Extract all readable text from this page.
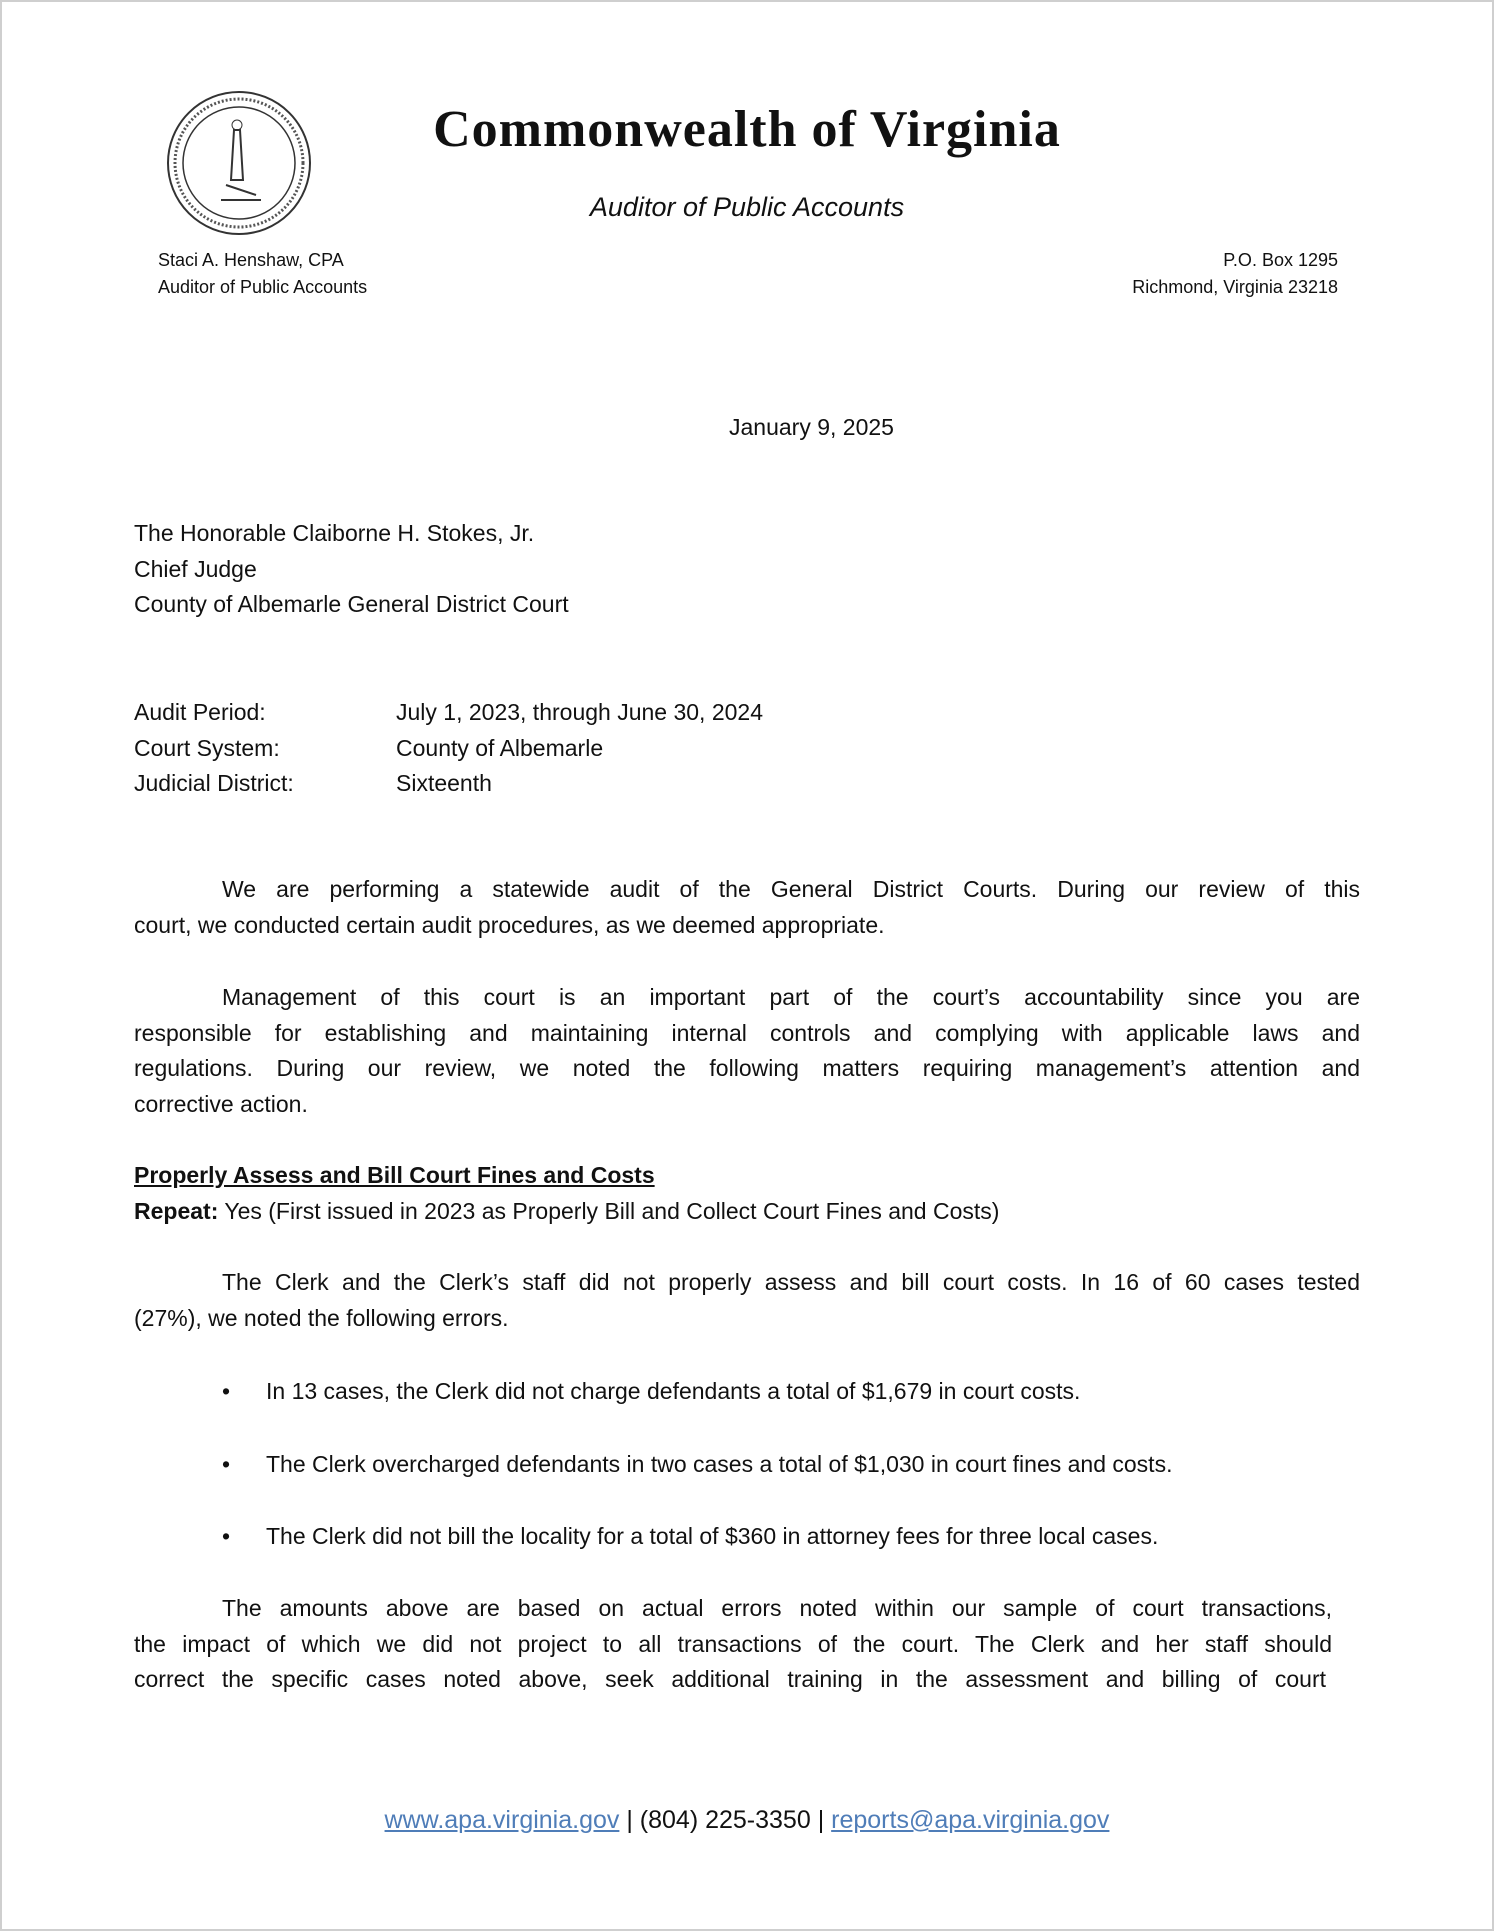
Commonwealth of Virginia
Auditor of Public Accounts
Staci A. Henshaw, CPA
Auditor of Public Accounts
P.O. Box 1295
Richmond, Virginia 23218
January 9, 2025
The Honorable Claiborne H. Stokes, Jr.
Chief Judge
County of Albemarle General District Court
Audit Period:	July 1, 2023, through June 30, 2024
Court System:	County of Albemarle
Judicial District:	Sixteenth
We are performing a statewide audit of the General District Courts. During our review of this
court, we conducted certain audit procedures, as we deemed appropriate.
Management of this court is an important part of the court’s accountability since you are
responsible for establishing and maintaining internal controls and complying with applicable laws and
regulations. During our review, we noted the following matters requiring management’s attention and
corrective action.
Properly Assess and Bill Court Fines and Costs
Repeat: Yes (First issued in 2023 as Properly Bill and Collect Court Fines and Costs)
The Clerk and the Clerk’s staff did not properly assess and bill court costs. In 16 of 60 cases tested
(27%), we noted the following errors.
• In 13 cases, the Clerk did not charge defendants a total of $1,679 in court costs.
• The Clerk overcharged defendants in two cases a total of $1,030 in court fines and costs.
• The Clerk did not bill the locality for a total of $360 in attorney fees for three local cases.
The amounts above are based on actual errors noted within our sample of court transactions,
the impact of which we did not project to all transactions of the court. The Clerk and her staff should
correct the specific cases noted above, seek additional training in the assessment and billing of court
www.apa.virginia.gov | (804) 225-3350 | reports@apa.virginia.gov
